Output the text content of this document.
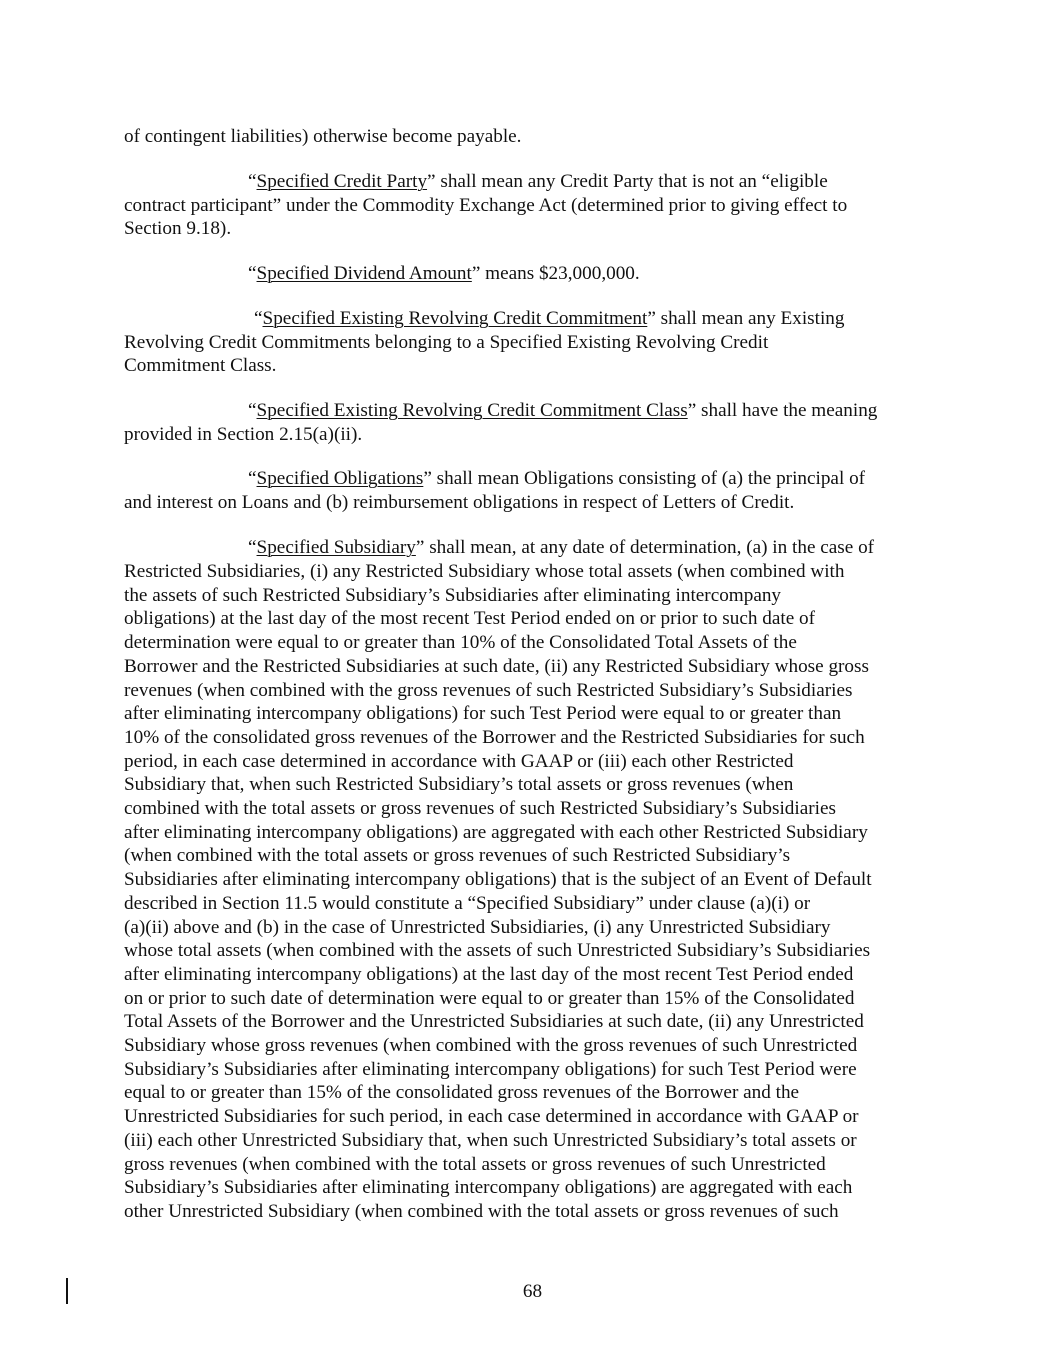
of contingent liabilities) otherwise become payable.
“Specified Credit Party” shall mean any Credit Party that is not an “eligible
contract participant” under the Commodity Exchange Act (determined prior to giving effect to
Section 9.18).
“Specified Dividend Amount” means $23,000,000.
“Specified Existing Revolving Credit Commitment” shall mean any Existing
Revolving Credit Commitments belonging to a Specified Existing Revolving Credit
Commitment Class.
“Specified Existing Revolving Credit Commitment Class” shall have the meaning
provided in Section 2.15(a)(ii).
“Specified Obligations” shall mean Obligations consisting of (a) the principal of
and interest on Loans and (b) reimbursement obligations in respect of Letters of Credit.
“Specified Subsidiary” shall mean, at any date of determination, (a) in the case of
Restricted Subsidiaries, (i) any Restricted Subsidiary whose total assets (when combined with
the assets of such Restricted Subsidiary’s Subsidiaries after eliminating intercompany
obligations) at the last day of the most recent Test Period ended on or prior to such date of
determination were equal to or greater than 10% of the Consolidated Total Assets of the
Borrower and the Restricted Subsidiaries at such date, (ii) any Restricted Subsidiary whose gross
revenues (when combined with the gross revenues of such Restricted Subsidiary’s Subsidiaries
after eliminating intercompany obligations) for such Test Period were equal to or greater than
10% of the consolidated gross revenues of the Borrower and the Restricted Subsidiaries for such
period, in each case determined in accordance with GAAP or (iii) each other Restricted
Subsidiary that, when such Restricted Subsidiary’s total assets or gross revenues (when
combined with the total assets or gross revenues of such Restricted Subsidiary’s Subsidiaries
after eliminating intercompany obligations) are aggregated with each other Restricted Subsidiary
(when combined with the total assets or gross revenues of such Restricted Subsidiary’s
Subsidiaries after eliminating intercompany obligations) that is the subject of an Event of Default
described in Section 11.5 would constitute a “Specified Subsidiary” under clause (a)(i) or
(a)(ii) above and (b) in the case of Unrestricted Subsidiaries, (i) any Unrestricted Subsidiary
whose total assets (when combined with the assets of such Unrestricted Subsidiary’s Subsidiaries
after eliminating intercompany obligations) at the last day of the most recent Test Period ended
on or prior to such date of determination were equal to or greater than 15% of the Consolidated
Total Assets of the Borrower and the Unrestricted Subsidiaries at such date, (ii) any Unrestricted
Subsidiary whose gross revenues (when combined with the gross revenues of such Unrestricted
Subsidiary’s Subsidiaries after eliminating intercompany obligations) for such Test Period were
equal to or greater than 15% of the consolidated gross revenues of the Borrower and the
Unrestricted Subsidiaries for such period, in each case determined in accordance with GAAP or
(iii) each other Unrestricted Subsidiary that, when such Unrestricted Subsidiary’s total assets or
gross revenues (when combined with the total assets or gross revenues of such Unrestricted
Subsidiary’s Subsidiaries after eliminating intercompany obligations) are aggregated with each
other Unrestricted Subsidiary (when combined with the total assets or gross revenues of such
68
